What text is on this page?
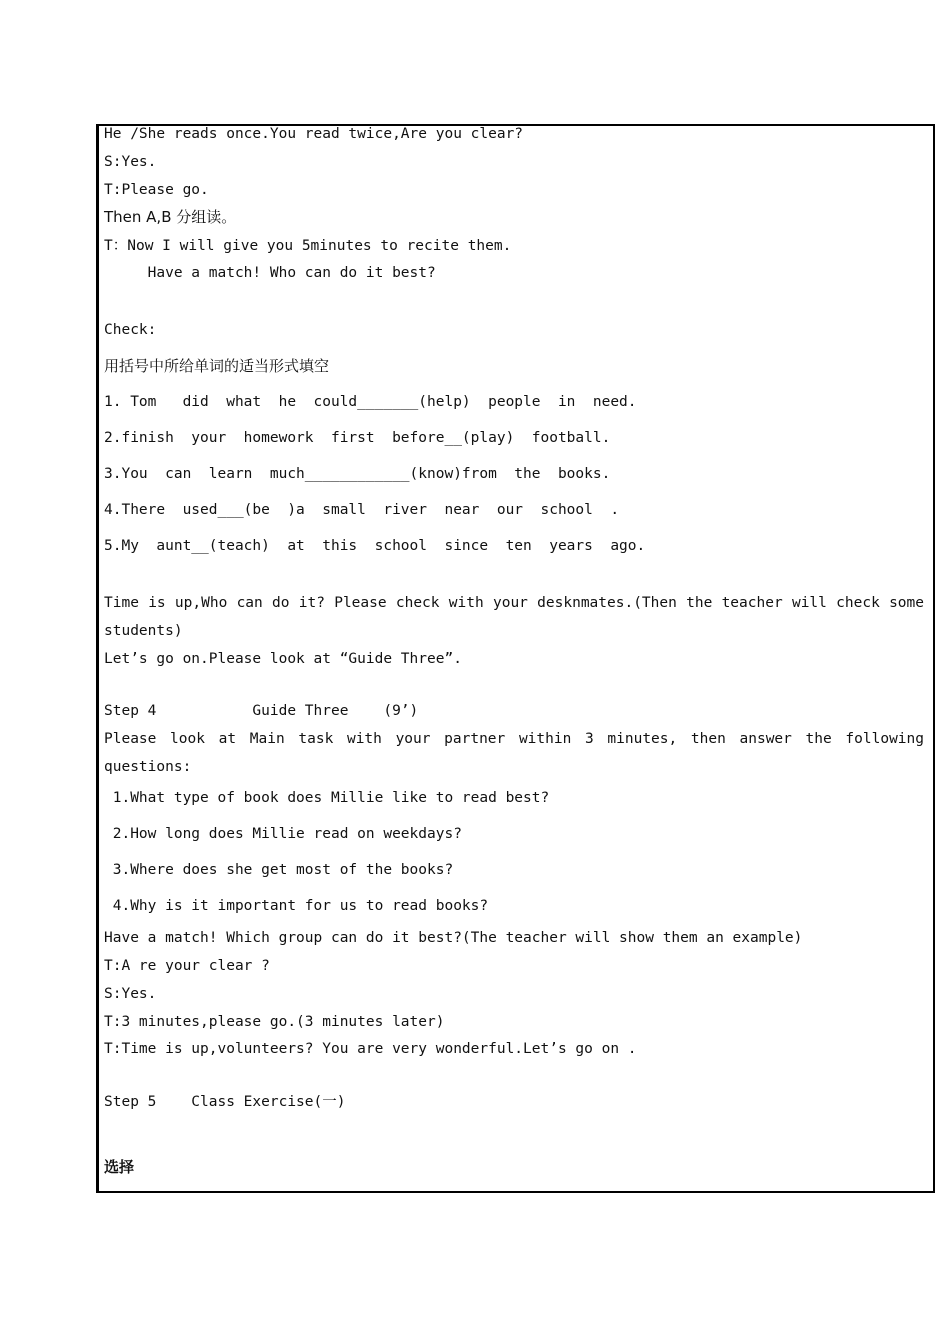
He /She reads once.You read twice,Are you clear?

S:Yes.

T:Please go.

Then A,B 分组读。

T：Now I will give you 5minutes to recite them.

Have a match! Who can do it best?

Check:

用括号中所给单词的适当形式填空

1. Tom   did  what  he  could_______(help)  people  in  need.

2.finish  your  homework  first  before__(play)  football.

3.You  can  learn  much____________(know)from  the  books.

4.There  used___(be  )a  small  river  near  our  school  .

5.My  aunt__(teach)  at  this  school  since  ten  years  ago.

Time is up,Who can do it? Please check with your desknmates.(Then the teacher will check some

students)

Let’s go on.Please look at “Guide Three”.

Step 4           Guide Three    (9’)

Please look at Main task with your partner within 3 minutes, then answer the following

questions:

1.What type of book does Millie like to read best?

2.How long does Millie read on weekdays?

3.Where does she get most of the books?

4.Why is it important for us to read books?

Have a match! Which group can do it best?(The teacher will show them an example)

T:A re your clear ?

S:Yes.

T:3 minutes,please go.(3 minutes later)

T:Time is up,volunteers? You are very wonderful.Let’s go on .

Step 5    Class Exercise(一)

选择
